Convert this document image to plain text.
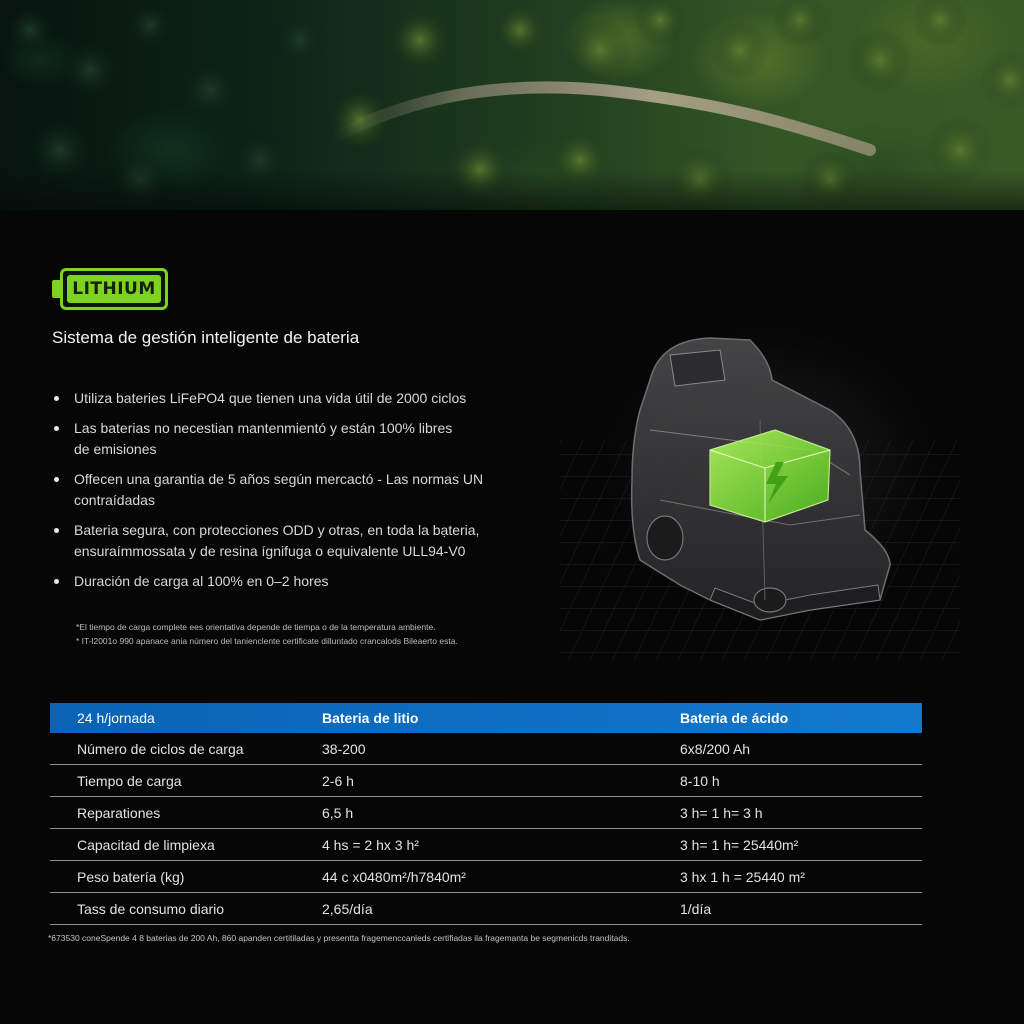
LITHIUM
Sistema de gestión inteligente de bateria
Utiliza bateries LiFePO4 que tienen una vida útil de 2000 ciclos
Las baterias no necestian mantenmientó y están 100% libres
de emisiones
Offecen una garantia de 5 años según mercactó - Las normas UN
contraídadas
Bateria segura, con protecciones ODD y otras, en toda la bạteria,
ensuraímmossata y de resina ígnifuga o equivalente ULL94-V0
Duración de carga al 100% en 0–2 hores
*El tiempo de carga complete ees orientativa depende de tiempa o de la temperatura ambiente.
* IT-l2001o 990 apanace ania número del tanienclente certificate dilluntado crancalods Bileaerto esta.
24 h/jornada	Bateria de litio	Bateria de ácido
Número de ciclos de carga	38-200	6x8/200 Ah
Tiempo de carga	2-6 h	8-10 h
Reparationes	6,5 h	3 h= 1 h= 3 h
Capacitad de limpiexa	4 hs = 2 hx 3 h²	3 h= 1 h= 25440m²
Peso batería (kg)	44 c x0480m²/h7840m²	3 hx 1 h = 25440 m²
Tass de consumo diario	2,65/día	1/día
*673530 coneSpende 4 8 baterias de 200 Ah, 860 apanden certitiladas y presentta fragemenccanleds certifiadas ila fragemanta be segmenicds tranditads.
